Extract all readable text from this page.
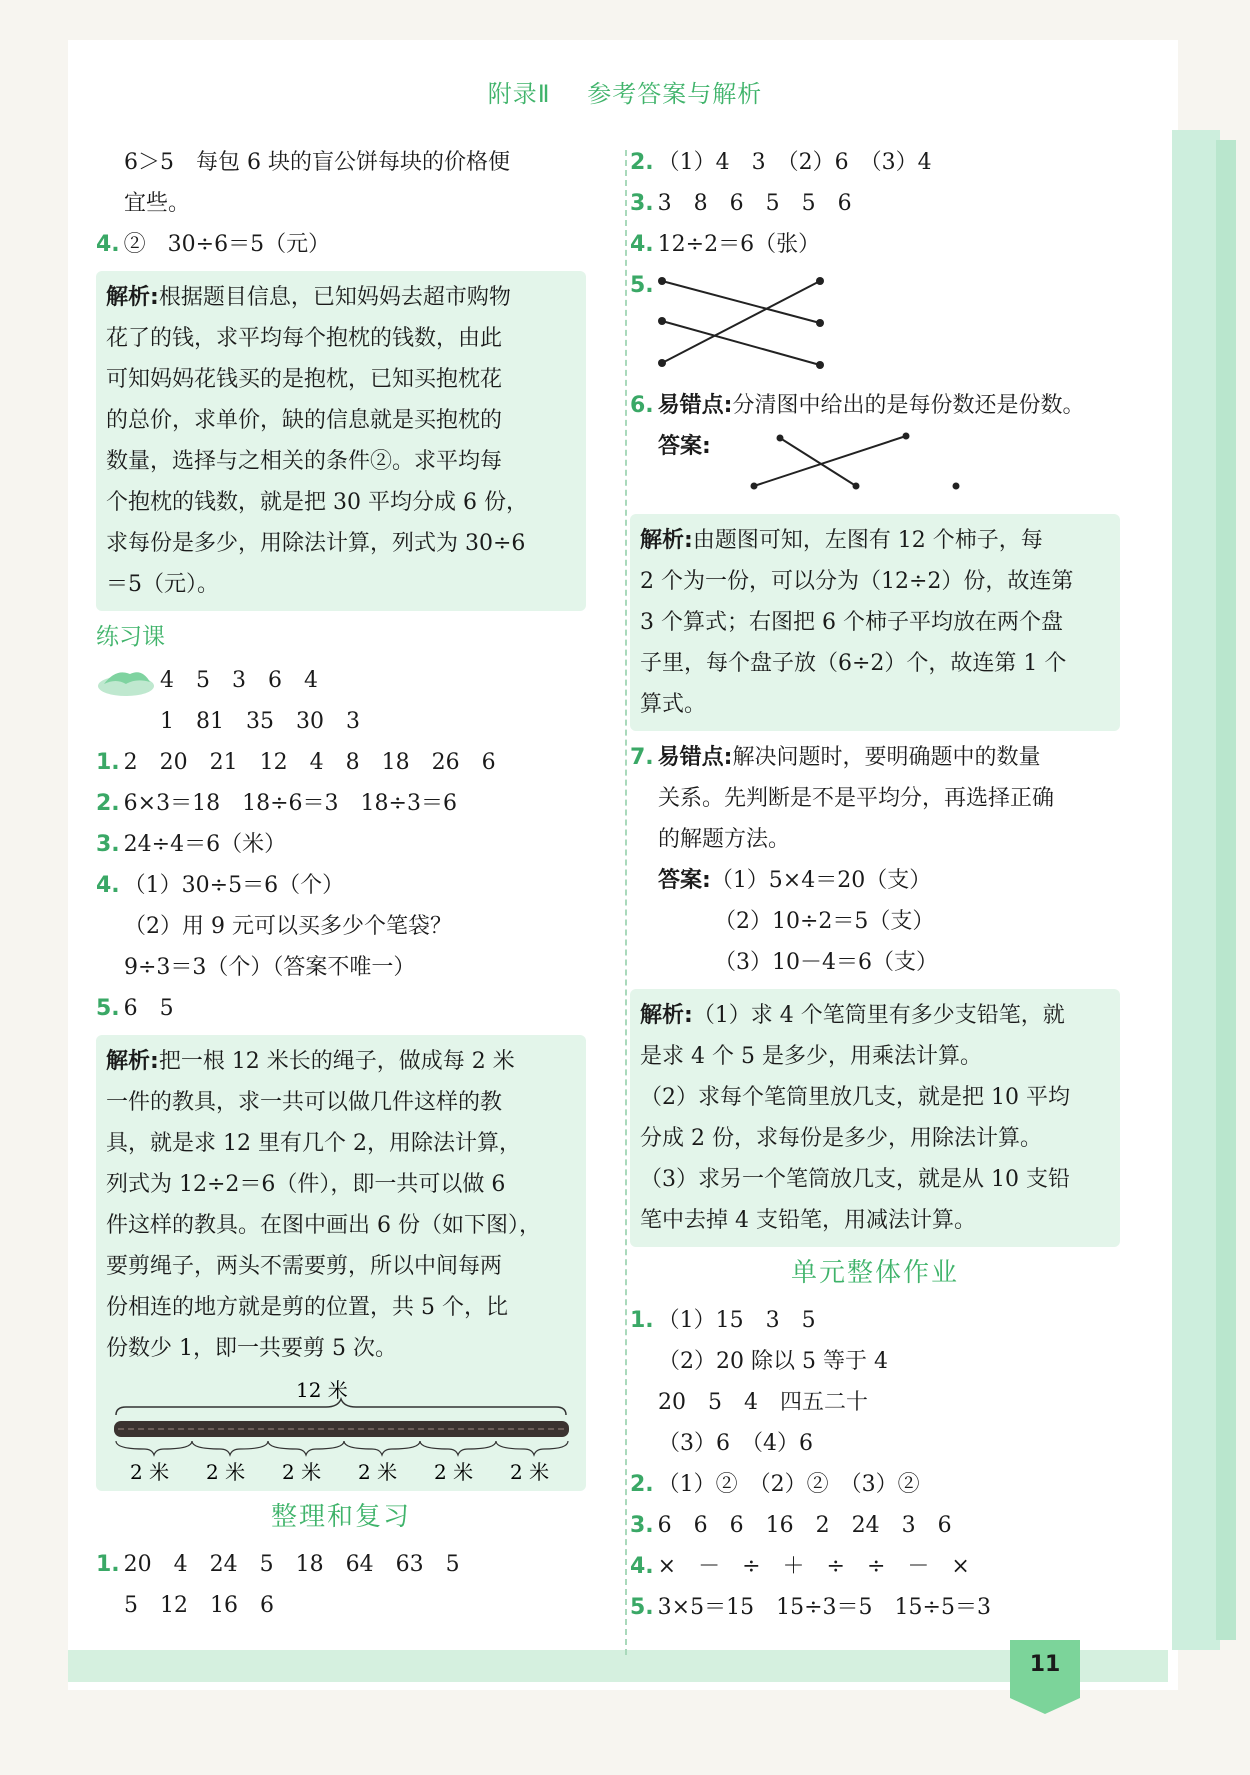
附录Ⅱ 参考答案与解析
6＞5　每包 6 块的盲公饼每块的价格便
宜些。
4. ②　30÷6＝5（元）
解析:根据题目信息，已知妈妈去超市购物
花了的钱，求平均每个抱枕的钱数，由此
可知妈妈花钱买的是抱枕，已知买抱枕花
的总价，求单价，缺的信息就是买抱枕的
数量，选择与之相关的条件②。求平均每
个抱枕的钱数，就是把 30 平均分成 6 份，
求每份是多少，用除法计算，列式为 30÷6
＝5（元）。
练习课
4　5　3　6　4
1　81　35　30　3
1. 2　20　21　12　4　8　18　26　6
2. 6×3＝18　18÷6＝3　18÷3＝6
3. 24÷4＝6（米）
4. （1）30÷5＝6（个）
（2）用 9 元可以买多少个笔袋？
9÷3＝3（个）（答案不唯一）
5. 6　5
解析:把一根 12 米长的绳子，做成每 2 米
一件的教具，求一共可以做几件这样的教
具，就是求 12 里有几个 2，用除法计算，
列式为 12÷2＝6（件），即一共可以做 6
件这样的教具。在图中画出 6 份（如下图），
要剪绳子，两头不需要剪，所以中间每两
份相连的地方就是剪的位置，共 5 个，比
份数少 1，即一共要剪 5 次。
12 米
2 米 2 米 2 米 2 米 2 米 2 米
整理和复习
1. 20　4　24　5　18　64　63　5
5　12　16　6
2. （1）4　3　（2）6　（3）4
3. 3　8　6　5　5　6
4. 12÷2＝6（张）
5.
6. 易错点:分清图中给出的是每份数还是份数。
答案:
解析:由题图可知，左图有 12 个柿子，每
2 个为一份，可以分为（12÷2）份，故连第
3 个算式；右图把 6 个柿子平均放在两个盘
子里，每个盘子放（6÷2）个，故连第 1 个
算式。
7. 易错点:解决问题时，要明确题中的数量
关系。先判断是不是平均分，再选择正确
的解题方法。
答案:（1）5×4＝20（支）
（2）10÷2＝5（支）
（3）10－4＝6（支）
解析:（1）求 4 个笔筒里有多少支铅笔，就
是求 4 个 5 是多少，用乘法计算。
（2）求每个笔筒里放几支，就是把 10 平均
分成 2 份，求每份是多少，用除法计算。
（3）求另一个笔筒放几支，就是从 10 支铅
笔中去掉 4 支铅笔，用减法计算。
单元整体作业
1. （1）15　3　5
（2）20 除以 5 等于 4
20　5　4　四五二十
（3）6　（4）6
2. （1）②　（2）②　（3）②
3. 6　6　6　16　2　24　3　6
4. ×　－　÷　＋　÷　÷　－　×
5. 3×5＝15　15÷3＝5　15÷5＝3
11
